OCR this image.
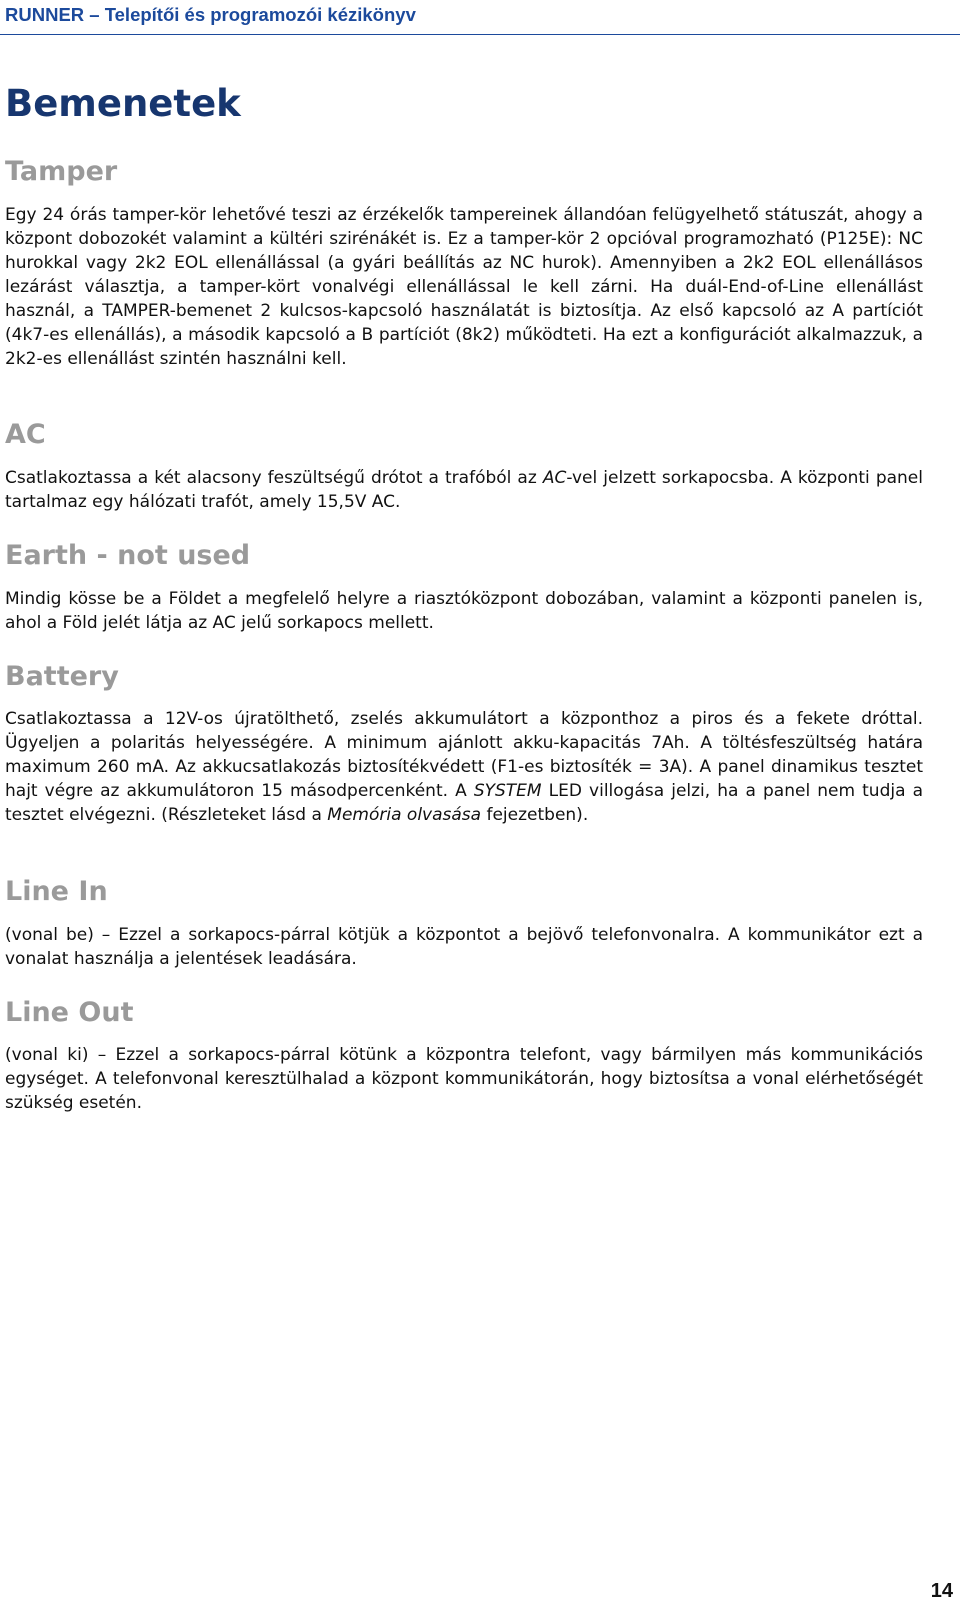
RUNNER – Telepítői és programozói kézikönyv
Bemenetek
Tamper

Egy 24 órás tamper-kör lehetővé teszi az érzékelők tampereinek állandóan felügyelhető státuszát, ahogy a központ dobozokét valamint a kültéri szirénákét is. Ez a tamper-kör 2 opcióval programozható (P125E): NC hurokkal vagy 2k2 EOL ellenállással (a gyári beállítás az NC hurok). Amennyiben a 2k2 EOL ellenállásos lezárást választja, a tamper-kört vonalvégi ellenállással le kell zárni. Ha duál-End-of-Line ellenállást használ, a TAMPER-bemenet 2 kulcsos-kapcsoló használatát is biztosítja. Az első kapcsoló az A partíciót (4k7-es ellenállás), a második kapcsoló a B partíciót (8k2) működteti. Ha ezt a konfigurációt alkalmazzuk, a 2k2-es ellenállást szintén használni kell.

AC

Csatlakoztassa a két alacsony feszültségű drótot a trafóból az AC-vel jelzett sorkapocsba. A központi panel tartalmaz egy hálózati trafót, amely 15,5V AC.

Earth - not used

Mindig kösse be a Földet a megfelelő helyre a riasztóközpont dobozában, valamint a központi panelen is, ahol a Föld jelét látja az AC jelű sorkapocs mellett.

Battery

Csatlakoztassa a 12V-os újratölthető, zselés akkumulátort a központhoz a piros és a fekete dróttal. Ügyeljen a polaritás helyességére. A minimum ajánlott akku-kapacitás 7Ah. A töltésfeszültség határa maximum 260 mA. Az akkucsatlakozás biztosítékvédett (F1-es biztosíték = 3A). A panel dinamikus tesztet hajt végre az akkumulátoron 15 másodpercenként. A SYSTEM LED villogása jelzi, ha a panel nem tudja a tesztet elvégezni. (Részleteket lásd a Memória olvasása fejezetben).

Line In

(vonal be) – Ezzel a sorkapocs-párral kötjük a központot a bejövő telefonvonalra. A kommunikátor ezt a vonalat használja a jelentések leadására.

Line Out

(vonal ki) – Ezzel a sorkapocs-párral kötünk a központra telefont, vagy bármilyen más kommunikációs egységet. A telefonvonal keresztülhalad a központ kommunikátorán, hogy biztosítsa a vonal elérhetőségét szükség esetén.

14
